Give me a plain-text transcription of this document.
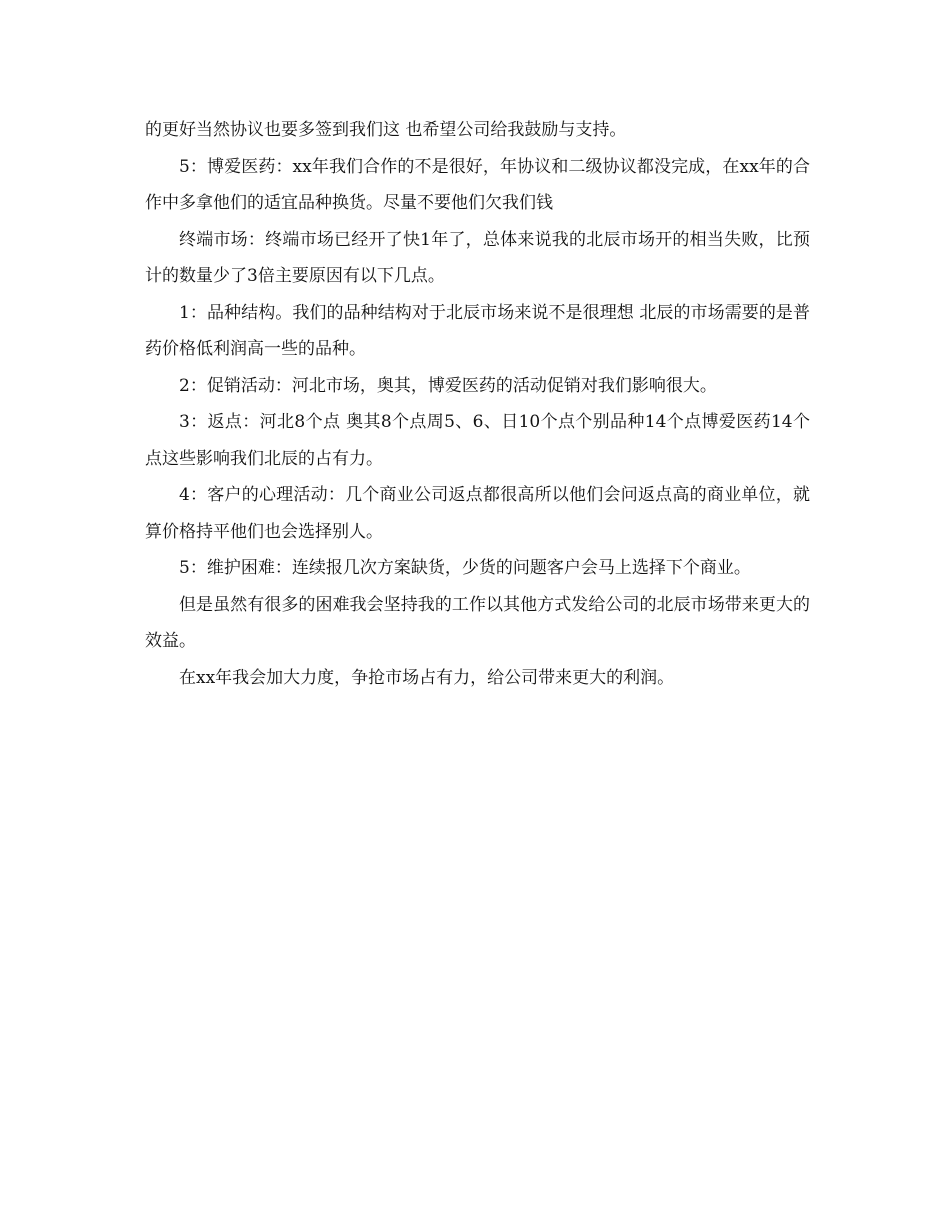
的更好当然协议也要多签到我们这 也希望公司给我鼓励与支持。

5：博爱医药：xx年我们合作的不是很好，年协议和二级协议都没完成，在xx年的合作中多拿他们的适宜品种换货。尽量不要他们欠我们钱

终端市场：终端市场已经开了快1年了，总体来说我的北辰市场开的相当失败，比预计的数量少了3倍主要原因有以下几点。

1：品种结构。我们的品种结构对于北辰市场来说不是很理想 北辰的市场需要的是普药价格低利润高一些的品种。

2：促销活动：河北市场，奥其，博爱医药的活动促销对我们影响很大。

3：返点：河北8个点 奥其8个点周5、6、日10个点个别品种14个点博爱医药14个点这些影响我们北辰的占有力。

4：客户的心理活动：几个商业公司返点都很高所以他们会问返点高的商业单位，就算价格持平他们也会选择别人。

5：维护困难：连续报几次方案缺货，少货的问题客户会马上选择下个商业。

但是虽然有很多的困难我会坚持我的工作以其他方式发给公司的北辰市场带来更大的效益。

在xx年我会加大力度，争抢市场占有力，给公司带来更大的利润。
